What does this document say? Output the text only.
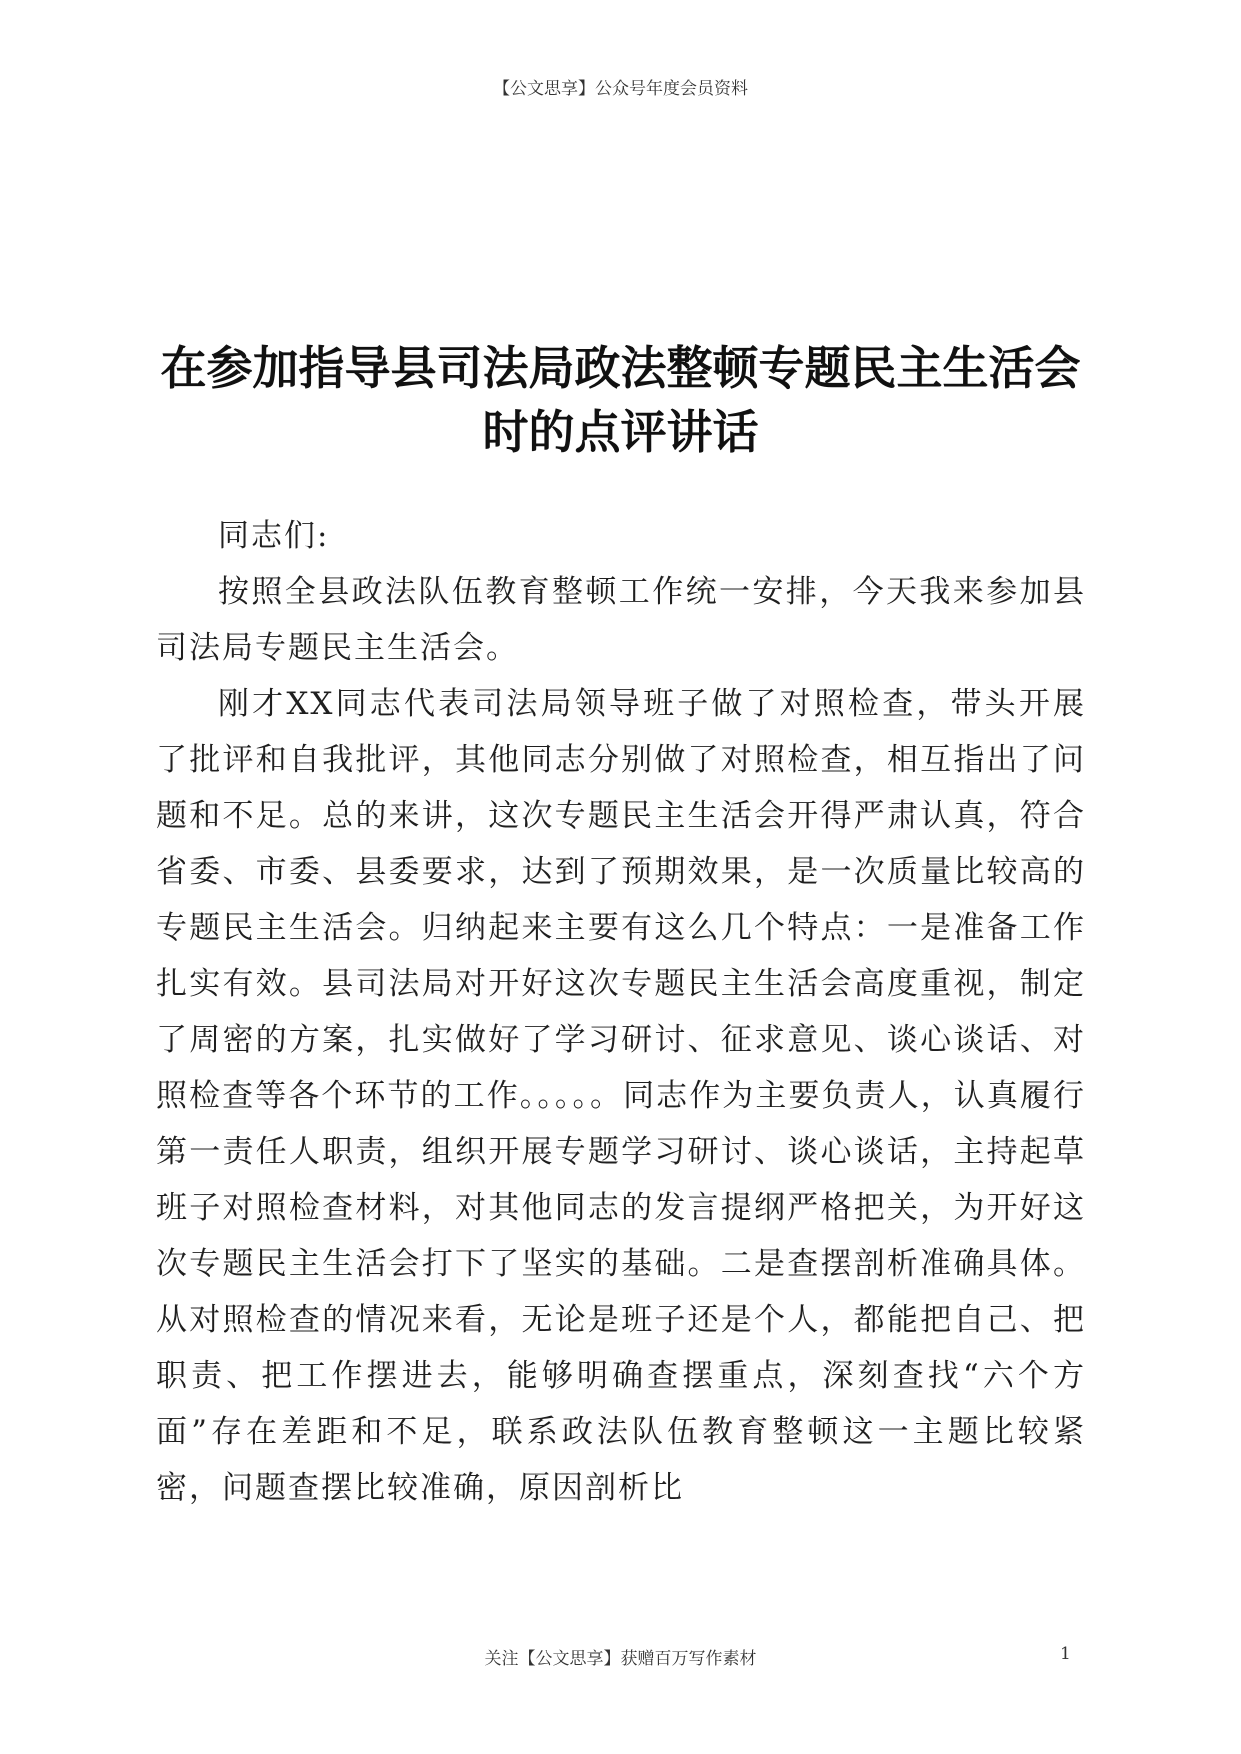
【公文思享】公众号年度会员资料
在参加指导县司法局政法整顿专题民主生活会
时的点评讲话

同志们:

按照全县政法队伍教育整顿工作统一安排，今天我来参加县司法局专题民主生活会。

刚才XX同志代表司法局领导班子做了对照检查，带头开展了批评和自我批评，其他同志分别做了对照检查，相互指出了问题和不足。总的来讲，这次专题民主生活会开得严肃认真，符合省委、市委、县委要求，达到了预期效果，是一次质量比较高的专题民主生活会。归纳起来主要有这么几个特点：一是准备工作扎实有效。县司法局对开好这次专题民主生活会高度重视，制定了周密的方案，扎实做好了学习研讨、征求意见、谈心谈话、对照检查等各个环节的工作。。。。。同志作为主要负责人，认真履行第一责任人职责，组织开展专题学习研讨、谈心谈话，主持起草班子对照检查材料，对其他同志的发言提纲严格把关，为开好这次专题民主生活会打下了坚实的基础。二是查摆剖析准确具体。从对照检查的情况来看，无论是班子还是个人，都能把自己、把职责、把工作摆进去，能够明确查摆重点，深刻查找“六个方面”存在差距和不足，联系政法队伍教育整顿这一主题比较紧密，问题查摆比较准确，原因剖析比

关注【公文思享】获赠百万写作素材	1
